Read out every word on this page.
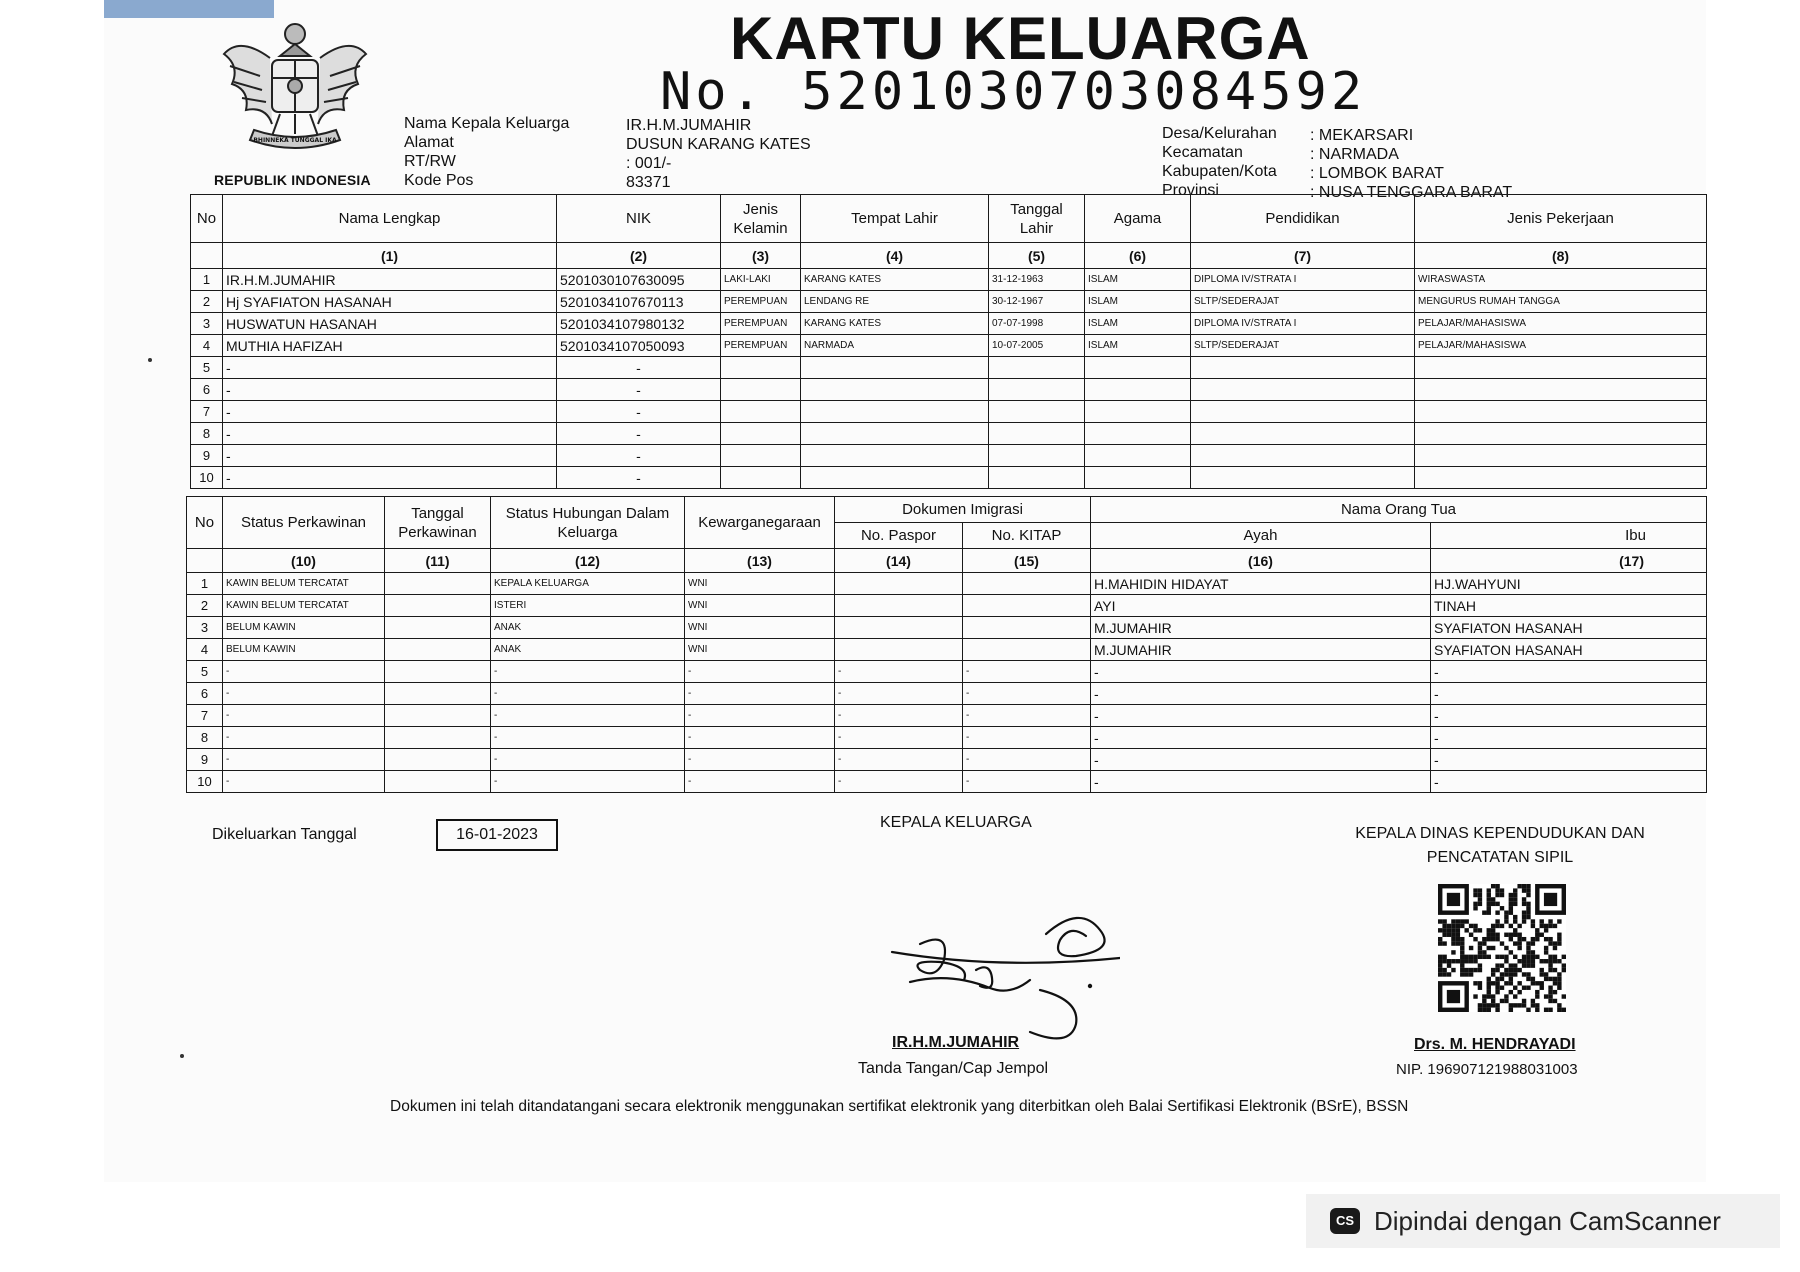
BHINNEKA TUNGGAL IKA
REPUBLIK INDONESIA
KARTU KELUARGA
No. 5201030703084592
Nama Kepala Keluarga
Alamat
RT/RW
Kode Pos
IR.H.M.JUMAHIR
DUSUN KARANG KATES
: 001/-
83371
Desa/Kelurahan
Kecamatan
Kabupaten/Kota
Provinsi
: MEKARSARI
: NARMADA
: LOMBOK BARAT
: NUSA TENGGARA BARAT
No	Nama Lengkap	NIK	Jenis Kelamin	Tempat Lahir	Tanggal Lahir	Agama	Pendidikan	Jenis Pekerjaan
	(1)	(2)	(3)	(4)	(5)	(6)	(7)	(8)
1	IR.H.M.JUMAHIR	5201030107630095	LAKI-LAKI	KARANG KATES	31-12-1963	ISLAM	DIPLOMA IV/STRATA I	WIRASWASTA
2	Hj SYAFIATON HASANAH	5201034107670113	PEREMPUAN	LENDANG RE	30-12-1967	ISLAM	SLTP/SEDERAJAT	MENGURUS RUMAH TANGGA
3	HUSWATUN HASANAH	5201034107980132	PEREMPUAN	KARANG KATES	07-07-1998	ISLAM	DIPLOMA IV/STRATA I	PELAJAR/MAHASISWA
4	MUTHIA HAFIZAH	5201034107050093	PEREMPUAN	NARMADA	10-07-2005	ISLAM	SLTP/SEDERAJAT	PELAJAR/MAHASISWA
5	-	-						
6	-	-						
7	-	-						
8	-	-						
9	-	-						
10	-	-						
No	Status Perkawinan	Tanggal Perkawinan	Status Hubungan Dalam Keluarga	Kewarganegaraan	Dokumen Imigrasi		Nama Orang Tua	
					No. Paspor	No. KITAP	Ayah	Ibu
	(10)	(11)	(12)	(13)	(14)	(15)	(16)	(17)
1	KAWIN BELUM TERCATAT		KEPALA KELUARGA	WNI			H.MAHIDIN HIDAYAT	HJ.WAHYUNI
2	KAWIN BELUM TERCATAT		ISTERI	WNI			AYI	TINAH
3	BELUM KAWIN		ANAK	WNI			M.JUMAHIR	SYAFIATON HASANAH
4	BELUM KAWIN		ANAK	WNI			M.JUMAHIR	SYAFIATON HASANAH
5	-		-	-	-	-	-	-
6	-		-	-	-	-	-	-
7	-		-	-	-	-	-	-
8	-		-	-	-	-	-	-
9	-		-	-	-	-	-	-
10	-		-	-	-	-	-	-
Dikeluarkan Tanggal	16-01-2023
KEPALA KELUARGA
KEPALA DINAS KEPENDUDUKAN DAN PENCATATAN SIPIL
IR.H.M.JUMAHIR
Tanda Tangan/Cap Jempol
Drs. M. HENDRAYADI
NIP. 196907121988031003
Dokumen ini telah ditandatangani secara elektronik menggunakan sertifikat elektronik yang diterbitkan oleh Balai Sertifikasi Elektronik (BSrE), BSSN
CS Dipindai dengan CamScanner
